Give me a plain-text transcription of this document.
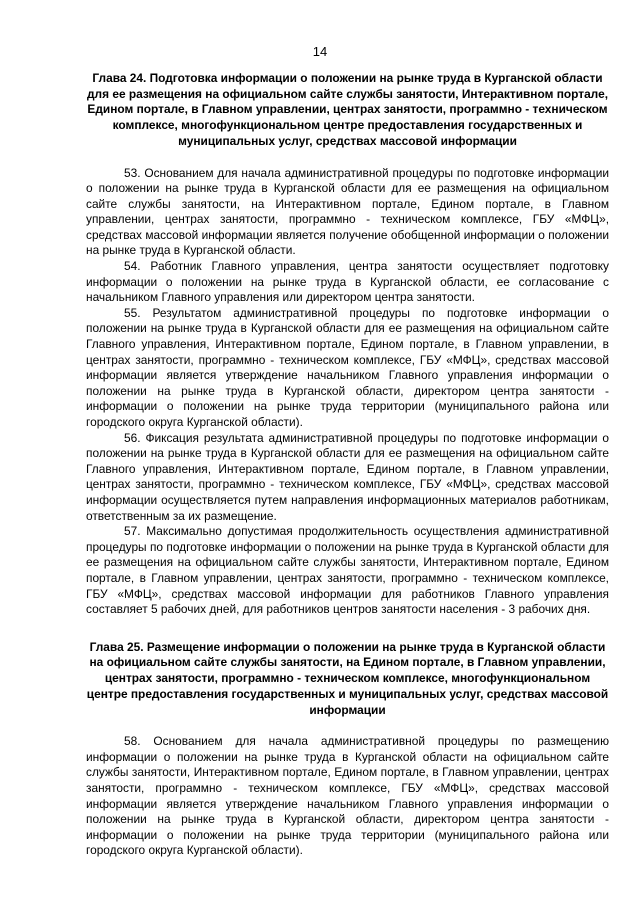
14

Глава 24. Подготовка информации о положении на рынке труда в Курганской области для ее размещения на официальном сайте службы занятости, Интерактивном портале, Едином портале, в Главном управлении, центрах занятости, программно - техническом комплексе, многофункциональном центре предоставления государственных и муниципальных услуг, средствах массовой информации

53. Основанием для начала административной процедуры по подготовке информации о положении на рынке труда в Курганской области для ее размещения на официальном сайте службы занятости, на Интерактивном портале, Едином портале, в Главном управлении, центрах занятости, программно - техническом комплексе, ГБУ «МФЦ», средствах массовой информации является получение обобщенной информации о положении на рынке труда в Курганской области.

54. Работник Главного управления, центра занятости осуществляет подготовку информации о положении на рынке труда в Курганской области, ее согласование с начальником Главного управления или директором центра занятости.

55. Результатом административной процедуры по подготовке информации о положении на рынке труда в Курганской области для ее размещения на официальном сайте Главного управления, Интерактивном портале, Едином портале, в Главном управлении, в центрах занятости, программно - техническом комплексе, ГБУ «МФЦ», средствах массовой информации является утверждение начальником Главного управления информации о положении на рынке труда в Курганской области, директором центра занятости - информации о положении на рынке труда территории (муниципального района или городского округа Курганской области).

56. Фиксация результата административной процедуры по подготовке информации о положении на рынке труда в Курганской области для ее размещения на официальном сайте Главного управления, Интерактивном портале, Едином портале, в Главном управлении, центрах занятости, программно - техническом комплексе, ГБУ «МФЦ», средствах массовой информации осуществляется путем направления информационных материалов работникам, ответственным за их размещение.

57. Максимально допустимая продолжительность осуществления административной процедуры по подготовке информации о положении на рынке труда в Курганской области для ее размещения на официальном сайте службы занятости, Интерактивном портале, Едином портале, в Главном управлении, центрах занятости, программно - техническом комплексе, ГБУ «МФЦ», средствах массовой информации для работников Главного управления составляет 5 рабочих дней, для работников центров занятости населения - 3 рабочих дня.

Глава 25. Размещение информации о положении на рынке труда в Курганской области на официальном сайте службы занятости, на Едином портале, в Главном управлении, центрах занятости, программно - техническом комплексе, многофункциональном центре предоставления государственных и муниципальных услуг, средствах массовой информации

58. Основанием для начала административной процедуры по размещению информации о положении на рынке труда в Курганской области на официальном сайте службы занятости, Интерактивном портале, Едином портале, в Главном управлении, центрах занятости, программно - техническом комплексе, ГБУ «МФЦ», средствах массовой информации является утверждение начальником Главного управления информации о положении на рынке труда в Курганской области, директором центра занятости - информации о положении на рынке труда территории (муниципального района или городского округа Курганской области).
